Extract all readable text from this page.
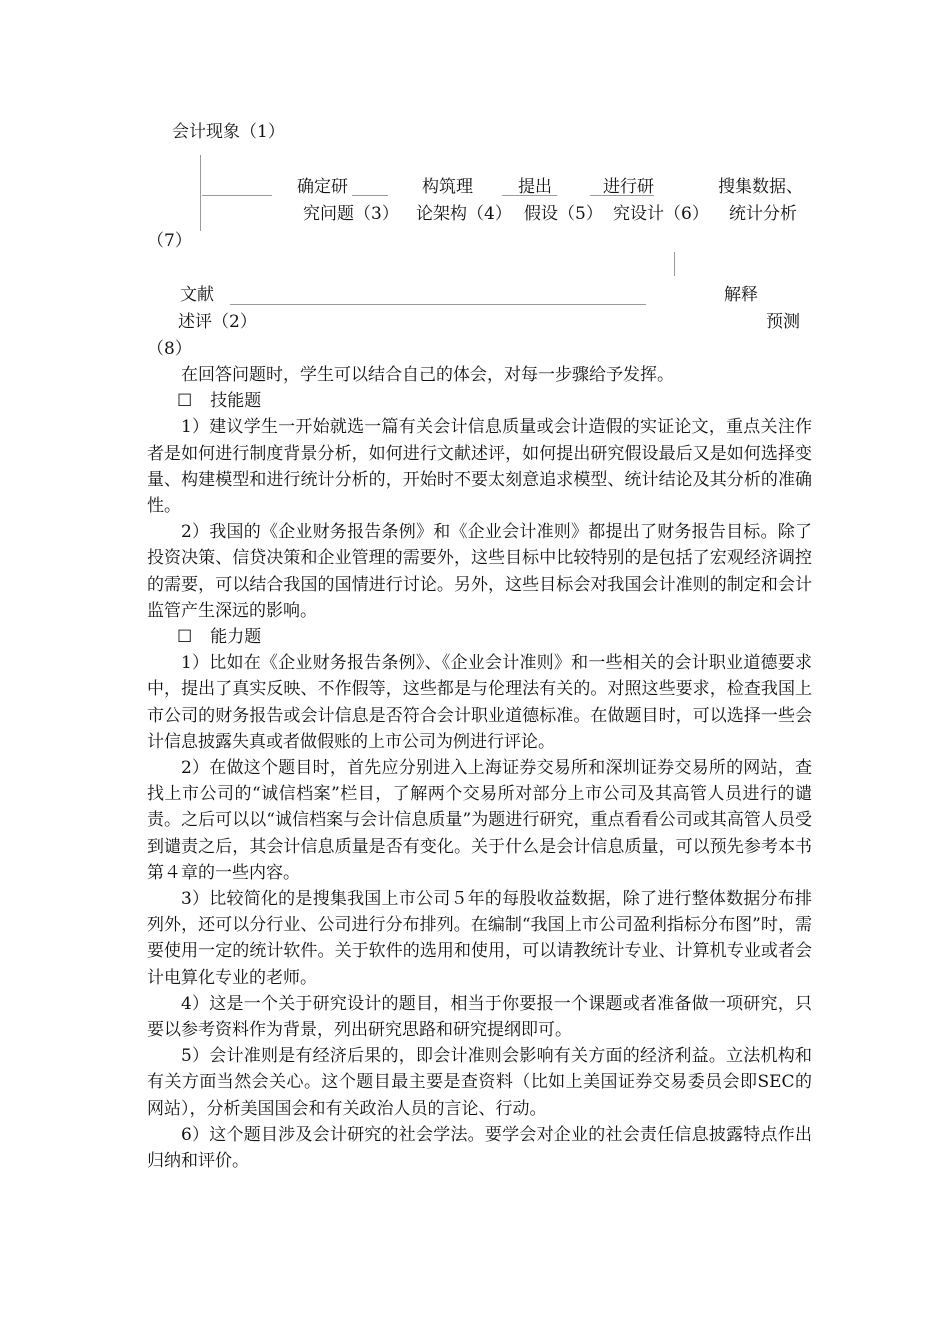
会计现象（1）
确定研
究问题（3）
构筑理
论架构（4）
提出
假设（5）
进行研
究设计（6）
搜集数据、
统计分析
（7）
文献
述评（2）
解释
预测
（8）

在回答问题时，学生可以结合自己的体会，对每一步骤给予发挥。

☐ 技能题

1）建议学生一开始就选一篇有关会计信息质量或会计造假的实证论文，重点关注作者是如何进行制度背景分析，如何进行文献述评，如何提出研究假设最后又是如何选择变量、构建模型和进行统计分析的，开始时不要太刻意追求模型、统计结论及其分析的准确性。

2）我国的《企业财务报告条例》和《企业会计准则》都提出了财务报告目标。除了投资决策、信贷决策和企业管理的需要外，这些目标中比较特别的是包括了宏观经济调控的需要，可以结合我国的国情进行讨论。另外，这些目标会对我国会计准则的制定和会计监管产生深远的影响。

☐ 能力题

1）比如在《企业财务报告条例》、《企业会计准则》和一些相关的会计职业道德要求中，提出了真实反映、不作假等，这些都是与伦理法有关的。对照这些要求，检查我国上市公司的财务报告或会计信息是否符合会计职业道德标准。在做题目时，可以选择一些会计信息披露失真或者做假账的上市公司为例进行评论。

2）在做这个题目时，首先应分别进入上海证券交易所和深圳证券交易所的网站，查找上市公司的“诚信档案”栏目，了解两个交易所对部分上市公司及其高管人员进行的谴责。之后可以以“诚信档案与会计信息质量”为题进行研究，重点看看公司或其高管人员受到谴责之后，其会计信息质量是否有变化。关于什么是会计信息质量，可以预先参考本书第４章的一些内容。

3）比较简化的是搜集我国上市公司５年的每股收益数据，除了进行整体数据分布排列外，还可以分行业、公司进行分布排列。在编制“我国上市公司盈利指标分布图”时，需要使用一定的统计软件。关于软件的选用和使用，可以请教统计专业、计算机专业或者会计电算化专业的老师。

4）这是一个关于研究设计的题目，相当于你要报一个课题或者准备做一项研究，只要以参考资料作为背景，列出研究思路和研究提纲即可。

5）会计准则是有经济后果的，即会计准则会影响有关方面的经济利益。立法机构和有关方面当然会关心。这个题目最主要是查资料（比如上美国证券交易委员会即SEC的网站），分析美国国会和有关政治人员的言论、行动。

6）这个题目涉及会计研究的社会学法。要学会对企业的社会责任信息披露特点作出归纳和评价。
